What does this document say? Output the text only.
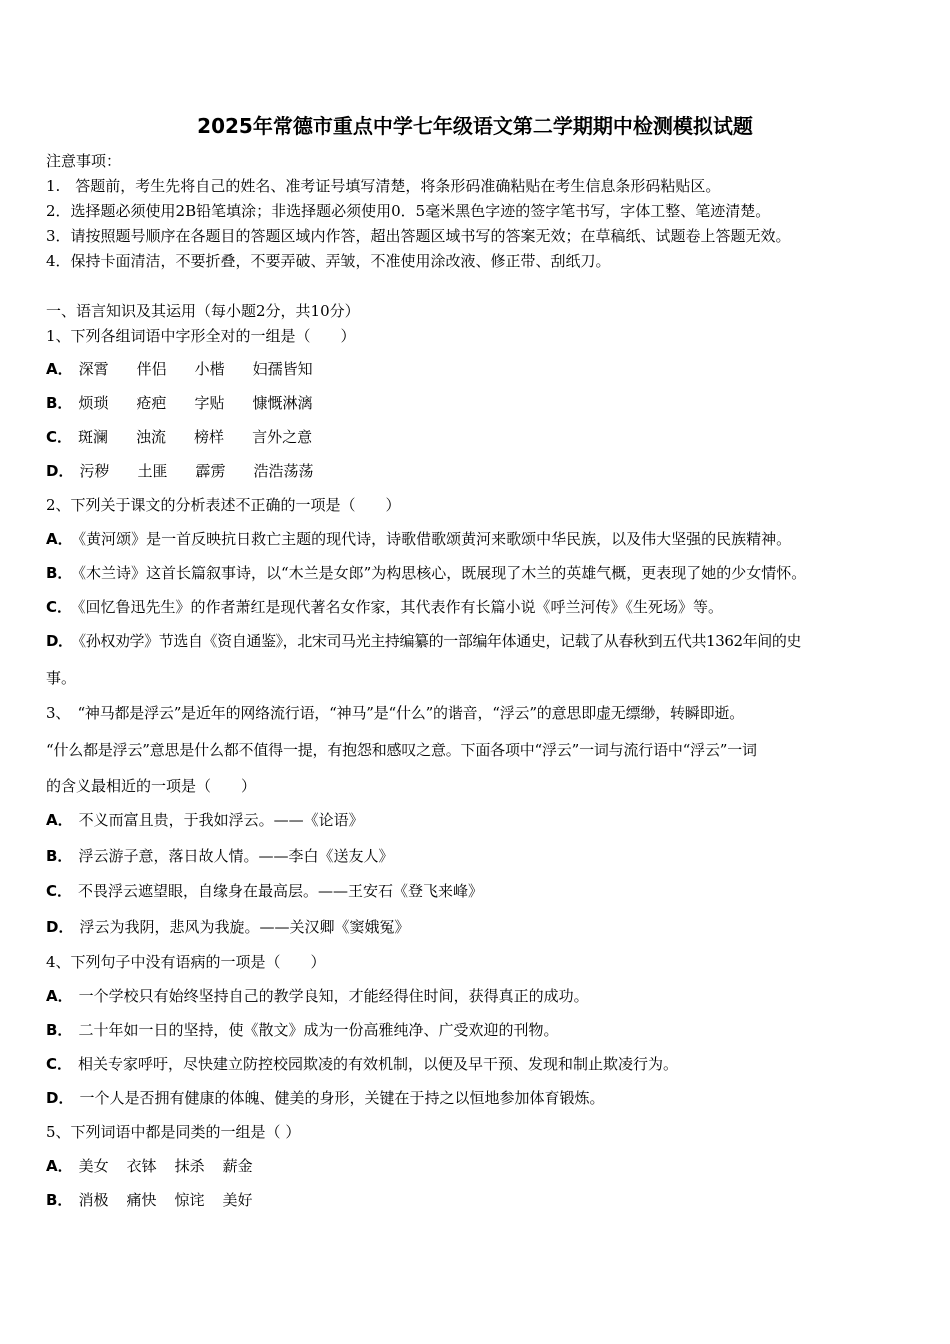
2025年常德市重点中学七年级语文第二学期期中检测模拟试题
注意事项：
1.　答题前，考生先将自己的姓名、准考证号填写清楚，将条形码准确粘贴在考生信息条形码粘贴区。
2．选择题必须使用2B铅笔填涂；非选择题必须使用0．5毫米黑色字迹的签字笔书写，字体工整、笔迹清楚。
3．请按照题号顺序在各题目的答题区域内作答，超出答题区域书写的答案无效；在草稿纸、试题卷上答题无效。
4．保持卡面清洁，不要折叠，不要弄破、弄皱，不准使用涂改液、修正带、刮纸刀。
一、语言知识及其运用（每小题2分，共10分）
1、下列各组词语中字形全对的一组是（　　）
A． 深霄 伴侣 小楷 妇孺皆知
B． 烦琐 疮疤 字贴 慷慨淋漓
C． 斑澜 浊流 榜样 言外之意
D． 污秽 土匪 霹雳 浩浩荡荡
2、下列关于课文的分析表述不正确的一项是（　　）
A． 《黄河颂》是一首反映抗日救亡主题的现代诗，诗歌借歌颂黄河来歌颂中华民族，以及伟大坚强的民族精神。
B． 《木兰诗》这首长篇叙事诗，以“木兰是女郎”为构思核心，既展现了木兰的英雄气概，更表现了她的少女情怀。
C． 《回忆鲁迅先生》的作者萧红是现代著名女作家，其代表作有长篇小说《呼兰河传》《生死场》等。
D． 《孙权劝学》节选自《资自通鉴》，北宋司马光主持编纂的一部编年体通史，记载了从春秋到五代共1362年间的史
事。
3、　“神马都是浮云”是近年的网络流行语，“神马”是“什么”的谐音，“浮云”的意思即虚无缥缈，转瞬即逝。
“什么都是浮云”意思是什么都不值得一提，有抱怨和感叹之意。下面各项中“浮云”一词与流行语中“浮云”一词
的含义最相近的一项是（　　）
A． 不义而富且贵，于我如浮云。——《论语》
B． 浮云游子意，落日故人情。——李白《送友人》
C． 不畏浮云遮望眼，自缘身在最高层。——王安石《登飞来峰》
D． 浮云为我阴，悲风为我旋。——关汉卿《窦娥冤》
4、下列句子中没有语病的一项是（　　）
A． 一个学校只有始终坚持自己的教学良知，才能经得住时间，获得真正的成功。
B． 二十年如一日的坚持，使《散文》成为一份高雅纯净、广受欢迎的刊物。
C． 相关专家呼吁，尽快建立防控校园欺凌的有效机制，以便及早干预、发现和制止欺凌行为。
D． 一个人是否拥有健康的体魄、健美的身形，关键在于持之以恒地参加体育锻炼。
5、下列词语中都是同类的一组是（ ）
A． 美女 衣钵 抹杀 薪金
B． 消极 痛快 惊诧 美好
